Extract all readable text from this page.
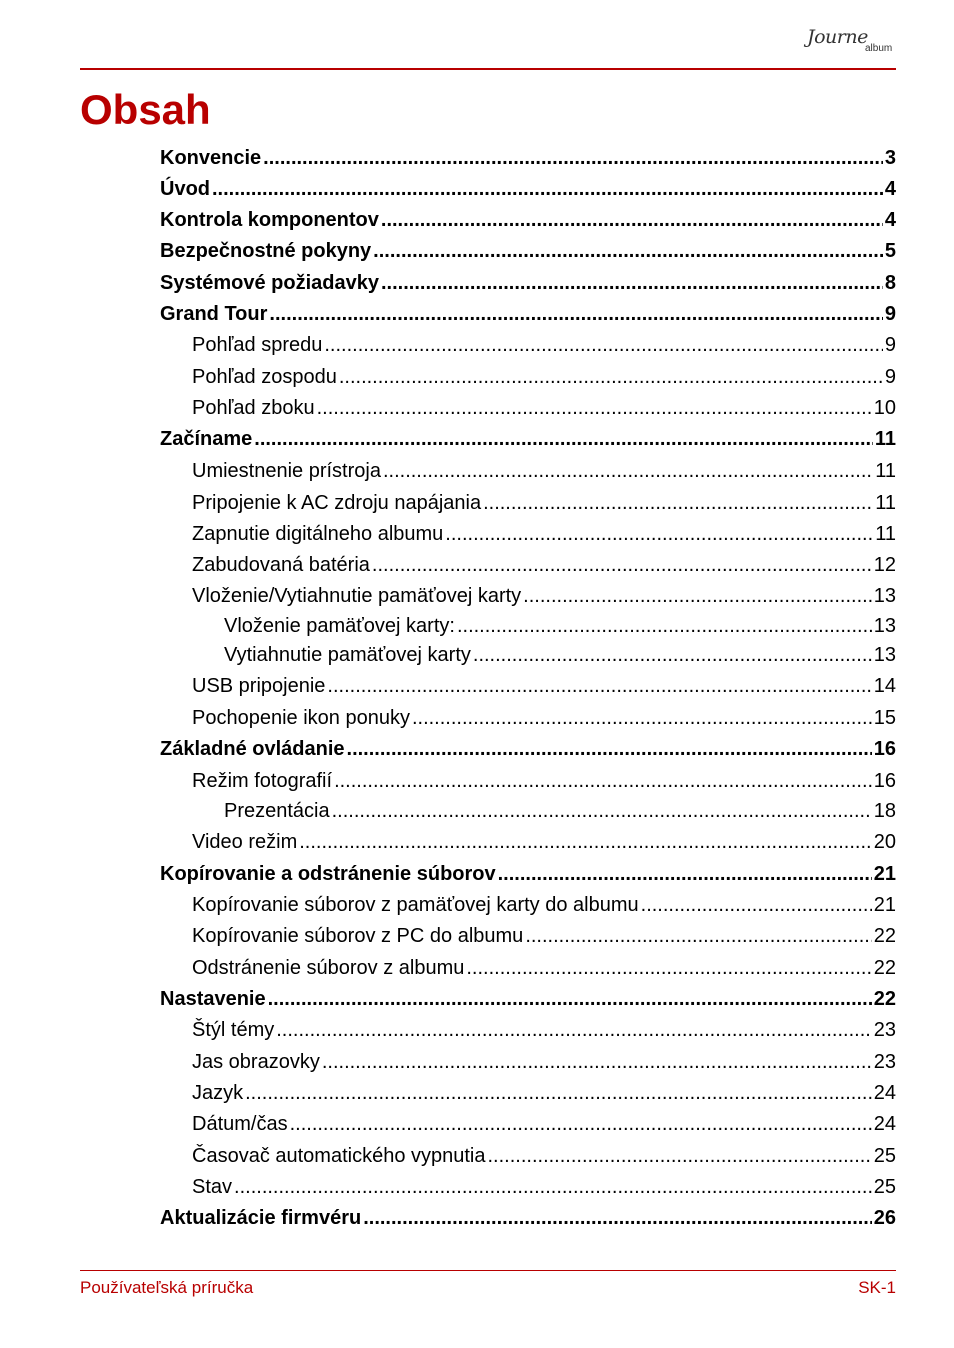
Journe
album
Obsah
Konvencie .....	3
Úvod .....	4
Kontrola komponentov .....	4
Bezpečnostné pokyny .....	5
Systémové požiadavky .....	8
Grand Tour .....	9
Pohľad spredu .....	9
Pohľad zospodu .....	9
Pohľad zboku .....	10
Začíname .....	11
Umiestnenie prístroja .....	11
Pripojenie k AC zdroju napájania .....	11
Zapnutie digitálneho albumu .....	11
Zabudovaná batéria .....	12
Vloženie/Vytiahnutie pamäťovej karty .....	13
Vloženie pamäťovej karty: .....	13
Vytiahnutie pamäťovej karty .....	13
USB pripojenie .....	14
Pochopenie ikon ponuky .....	15
Základné ovládanie .....	16
Režim fotografií .....	16
Prezentácia .....	18
Video režim .....	20
Kopírovanie a odstránenie súborov .....	21
Kopírovanie súborov z pamäťovej karty do albumu .....	21
Kopírovanie súborov z PC do albumu .....	22
Odstránenie súborov z albumu .....	22
Nastavenie .....	22
Štýl témy .....	23
Jas obrazovky .....	23
Jazyk .....	24
Dátum/čas .....	24
Časovač automatického vypnutia .....	25
Stav .....	25
Aktualizácie firmvéru .....	26
Používateľská príručka	SK-1
